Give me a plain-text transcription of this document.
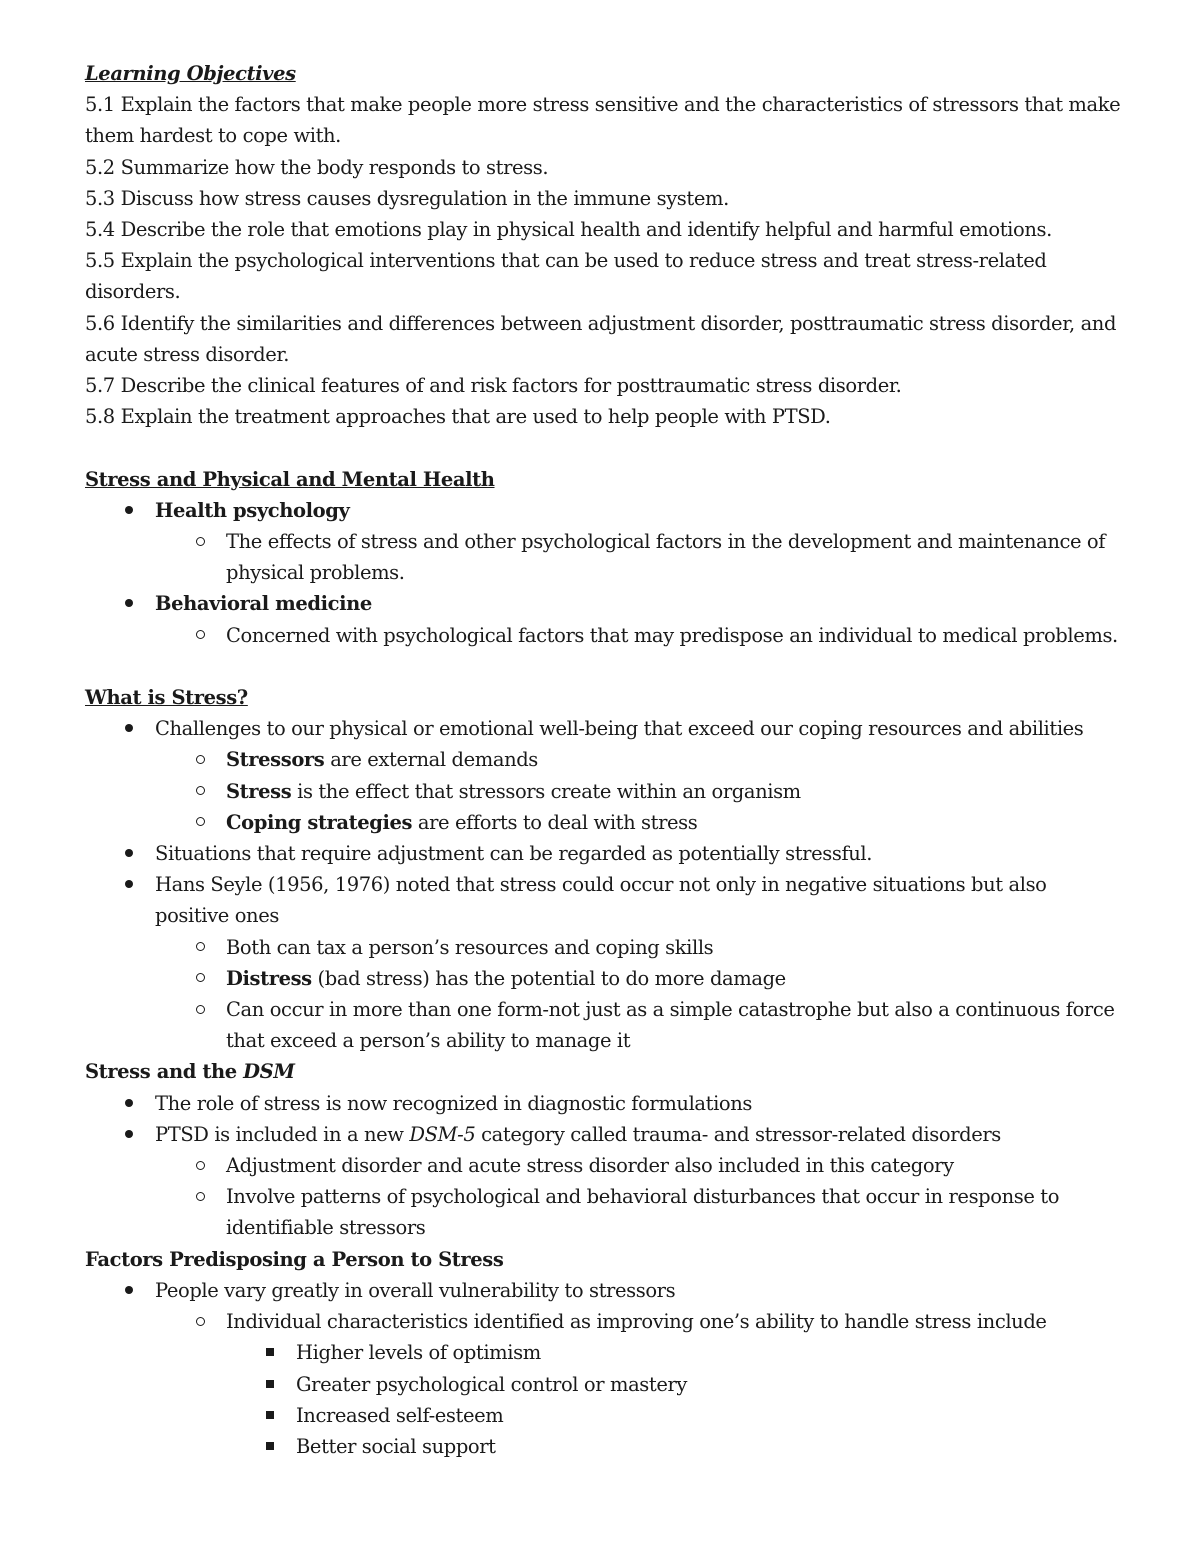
Learning Objectives

5.1 Explain the factors that make people more stress sensitive and the characteristics of stressors that make them hardest to cope with.

5.2 Summarize how the body responds to stress.

5.3 Discuss how stress causes dysregulation in the immune system.

5.4 Describe the role that emotions play in physical health and identify helpful and harmful emotions.

5.5 Explain the psychological interventions that can be used to reduce stress and treat stress-related disorders.

5.6 Identify the similarities and differences between adjustment disorder, posttraumatic stress disorder, and acute stress disorder.

5.7 Describe the clinical features of and risk factors for posttraumatic stress disorder.

5.8 Explain the treatment approaches that are used to help people with PTSD.

Stress and Physical and Mental Health

Health psychology
The effects of stress and other psychological factors in the development and maintenance of physical problems.
Behavioral medicine
Concerned with psychological factors that may predispose an individual to medical problems.

What is Stress?

Challenges to our physical or emotional well-being that exceed our coping resources and abilities
Stressors are external demands
Stress is the effect that stressors create within an organism
Coping strategies are efforts to deal with stress
Situations that require adjustment can be regarded as potentially stressful.
Hans Seyle (1956, 1976) noted that stress could occur not only in negative situations but also positive ones
Both can tax a person’s resources and coping skills
Distress (bad stress) has the potential to do more damage
Can occur in more than one form-not just as a simple catastrophe but also a continuous force that exceed a person’s ability to manage it

Stress and the DSM

The role of stress is now recognized in diagnostic formulations
PTSD is included in a new DSM-5 category called trauma- and stressor-related disorders
Adjustment disorder and acute stress disorder also included in this category
Involve patterns of psychological and behavioral disturbances that occur in response to identifiable stressors

Factors Predisposing a Person to Stress

People vary greatly in overall vulnerability to stressors
Individual characteristics identified as improving one’s ability to handle stress include
Higher levels of optimism
Greater psychological control or mastery
Increased self-esteem
Better social support
